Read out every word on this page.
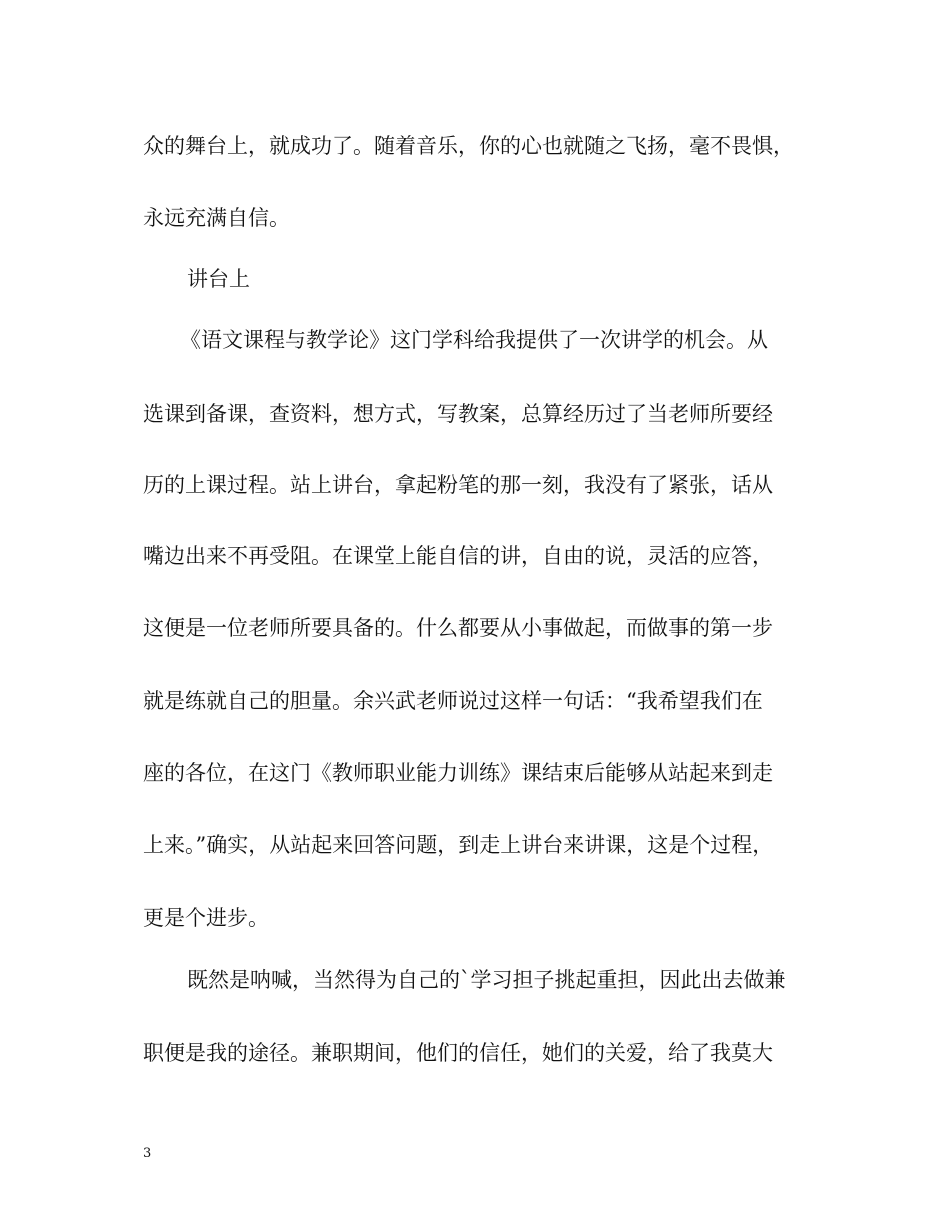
众的舞台上，就成功了。随着音乐，你的心也就随之飞扬，毫不畏惧，
永远充满自信。
讲台上
《语文课程与教学论》这门学科给我提供了一次讲学的机会。从
选课到备课，查资料，想方式，写教案，总算经历过了当老师所要经
历的上课过程。站上讲台，拿起粉笔的那一刻，我没有了紧张，话从
嘴边出来不再受阻。在课堂上能自信的讲，自由的说，灵活的应答，
这便是一位老师所要具备的。什么都要从小事做起，而做事的第一步
就是练就自己的胆量。余兴武老师说过这样一句话：“我希望我们在
座的各位，在这门《教师职业能力训练》课结束后能够从站起来到走
上来。”确实，从站起来回答问题，到走上讲台来讲课，这是个过程，
更是个进步。
既然是呐喊，当然得为自己的`学习担子挑起重担，因此出去做兼
职便是我的途径。兼职期间，他们的信任，她们的关爱，给了我莫大
3
